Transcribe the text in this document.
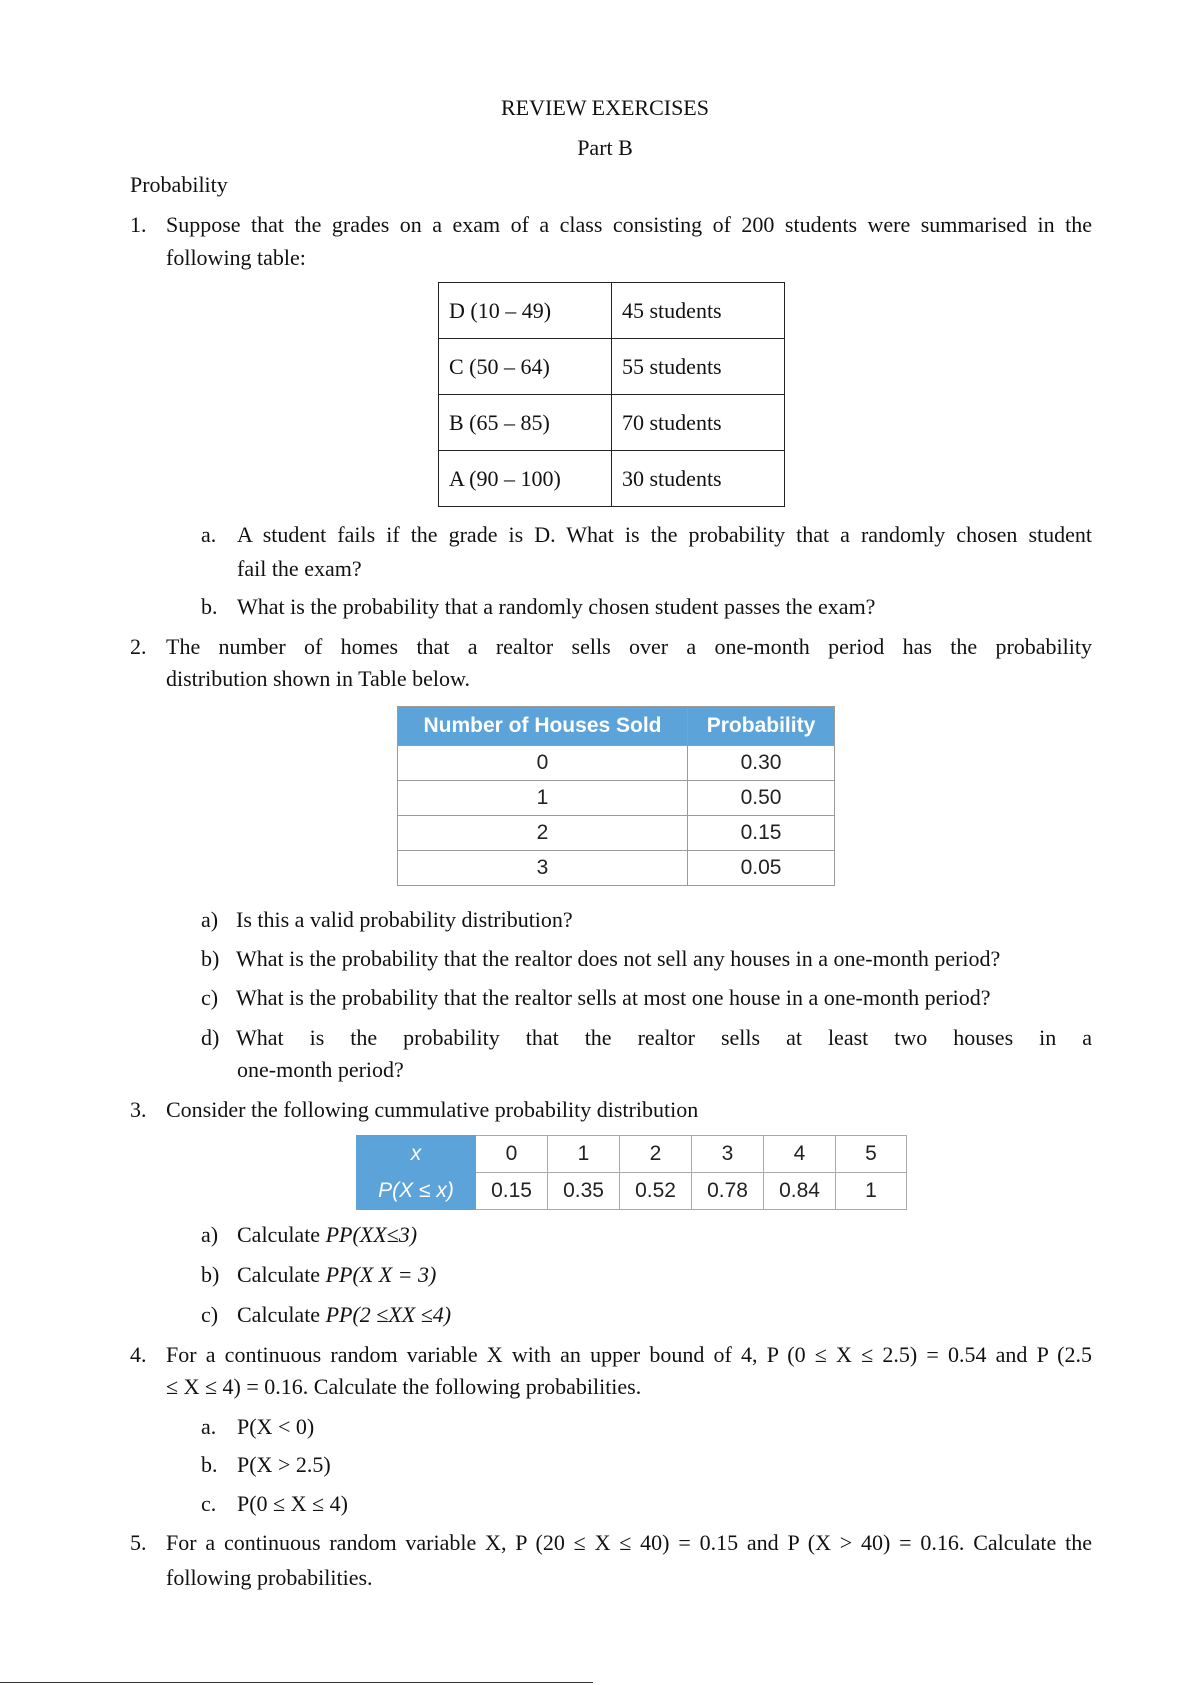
REVIEW EXERCISES

Part B

Probability

1. Suppose that the grades on a exam of a class consisting of 200 students were summarised in the

following table:

D (10 – 49)	45 students
C (50 – 64)	55 students
B (65 – 85)	70 students
A (90 – 100)	30 students
a. A student fails if the grade is D. What is the probability that a randomly chosen student

fail the exam?

b. What is the probability that a randomly chosen student passes the exam?

2. The number of homes that a realtor sells over a one-month period has the probability

distribution shown in Table below.

Number of Houses Sold	Probability
0	0.30
1	0.50
2	0.15
3	0.05
a) Is this a valid probability distribution?

b) What is the probability that the realtor does not sell any houses in a one-month period?

c) What is the probability that the realtor sells at most one house in a one-month period?

d) What is the probability that the realtor sells at least two houses in a

one-month period?

3. Consider the following cummulative probability distribution

x	0	1	2	3	4	5
P(X ≤ x)	0.15	0.35	0.52	0.78	0.84	1
a) Calculate PP(XX≤3)

b) Calculate PP(X X = 3)

c) Calculate PP(2 ≤XX ≤4)

4. For a continuous random variable X with an upper bound of 4, P (0 ≤ X ≤ 2.5) = 0.54 and P (2.5

≤ X ≤ 4) = 0.16. Calculate the following probabilities.

a. P(X < 0)

b. P(X > 2.5)

c. P(0 ≤ X ≤ 4)

5. For a continuous random variable X, P (20 ≤ X ≤ 40) = 0.15 and P (X > 40) = 0.16. Calculate the

following probabilities.
